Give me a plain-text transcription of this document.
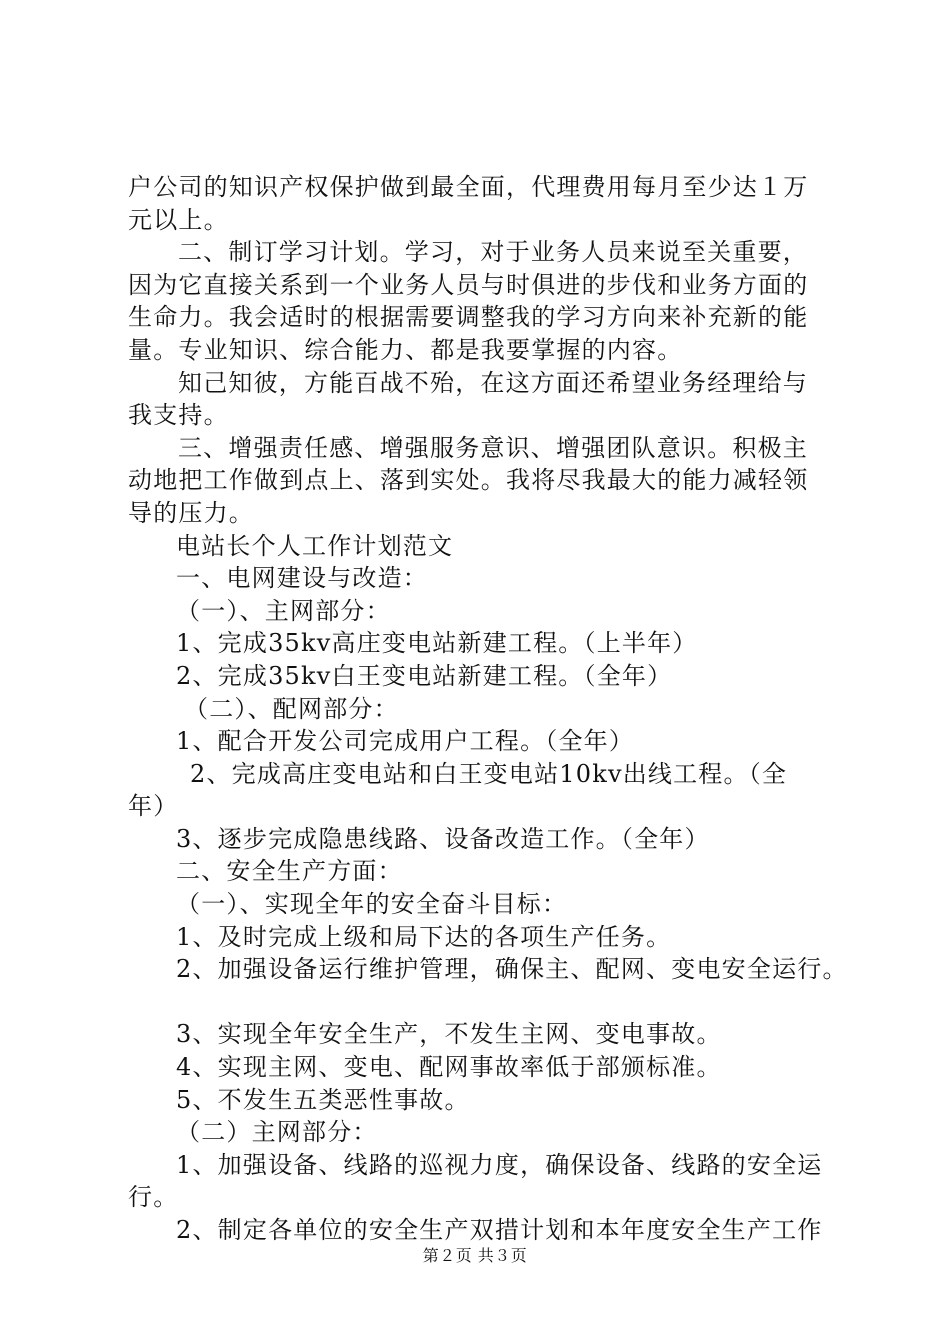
户公司的知识产权保护做到最全面，代理费用每月至少达１万
元以上。
二、制订学习计划。学习，对于业务人员来说至关重要，
因为它直接关系到一个业务人员与时俱进的步伐和业务方面的
生命力。我会适时的根据需要调整我的学习方向来补充新的能
量。专业知识、综合能力、都是我要掌握的内容。
知己知彼，方能百战不殆，在这方面还希望业务经理给与
我支持。
三、增强责任感、增强服务意识、增强团队意识。积极主
动地把工作做到点上、落到实处。我将尽我最大的能力减轻领
导的压力。
电站长个人工作计划范文
一、电网建设与改造：
（一）、主网部分：
1、完成35kv高庄变电站新建工程。（上半年）
2、完成35kv白王变电站新建工程。（全年）
（二）、配网部分：
1、配合开发公司完成用户工程。（全年）
2、完成高庄变电站和白王变电站10kv出线工程。（全
年）
3、逐步完成隐患线路、设备改造工作。（全年）
二、安全生产方面：
（一）、实现全年的安全奋斗目标：
1、及时完成上级和局下达的各项生产任务。
2、加强设备运行维护管理，确保主、配网、变电安全运行。
3、实现全年安全生产，不发生主网、变电事故。
4、实现主网、变电、配网事故率低于部颁标准。
5、不发生五类恶性事故。
（二）主网部分：
1、加强设备、线路的巡视力度，确保设备、线路的安全运
行。
2、制定各单位的安全生产双措计划和本年度安全生产工作
第２页 共３页
